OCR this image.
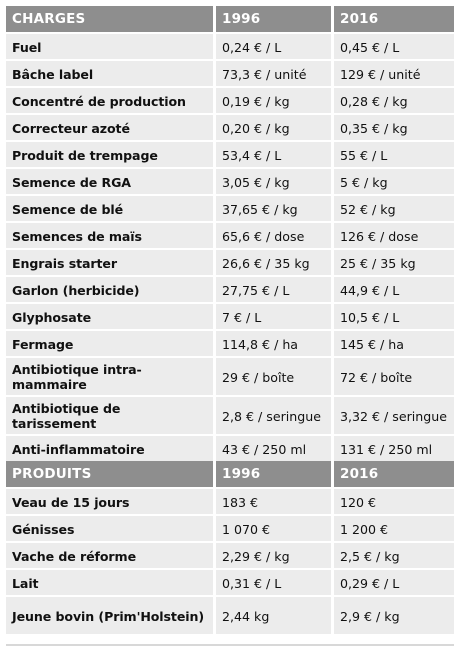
CHARGES	1996	2016
Fuel	0,24 € / L	0,45 € / L
Bâche label	73,3 € / unité	129 € / unité
Concentré de production	0,19 € / kg	0,28 € / kg
Correcteur azoté	0,20 € / kg	0,35 € / kg
Produit de trempage	53,4 € / L	55 € / L
Semence de RGA	3,05 € / kg	5 € / kg
Semence de blé	37,65 € / kg	52 € / kg
Semences de maïs	65,6 € / dose	126 € / dose
Engrais starter	26,6 € / 35 kg	25 € / 35 kg
Garlon (herbicide)	27,75 € / L	44,9 € / L
Glyphosate	7 € / L	10,5 € / L
Fermage	114,8 € / ha	145 € / ha
Antibiotique intra-mammaire	29 € / boîte	72 € / boîte
Antibiotique de tarissement	2,8 € / seringue	3,32 € / seringue
Anti-inflammatoire	43 € / 250 ml	131 € / 250 ml
PRODUITS	1996	2016
Veau de 15 jours	183 €	120 €
Génisses	1 070 €	1 200 €
Vache de réforme	2,29 € / kg	2,5 € / kg
Lait	0,31 € / L	0,29 € / L
Jeune bovin (Prim'Holstein)	2,44 kg	2,9 € / kg
